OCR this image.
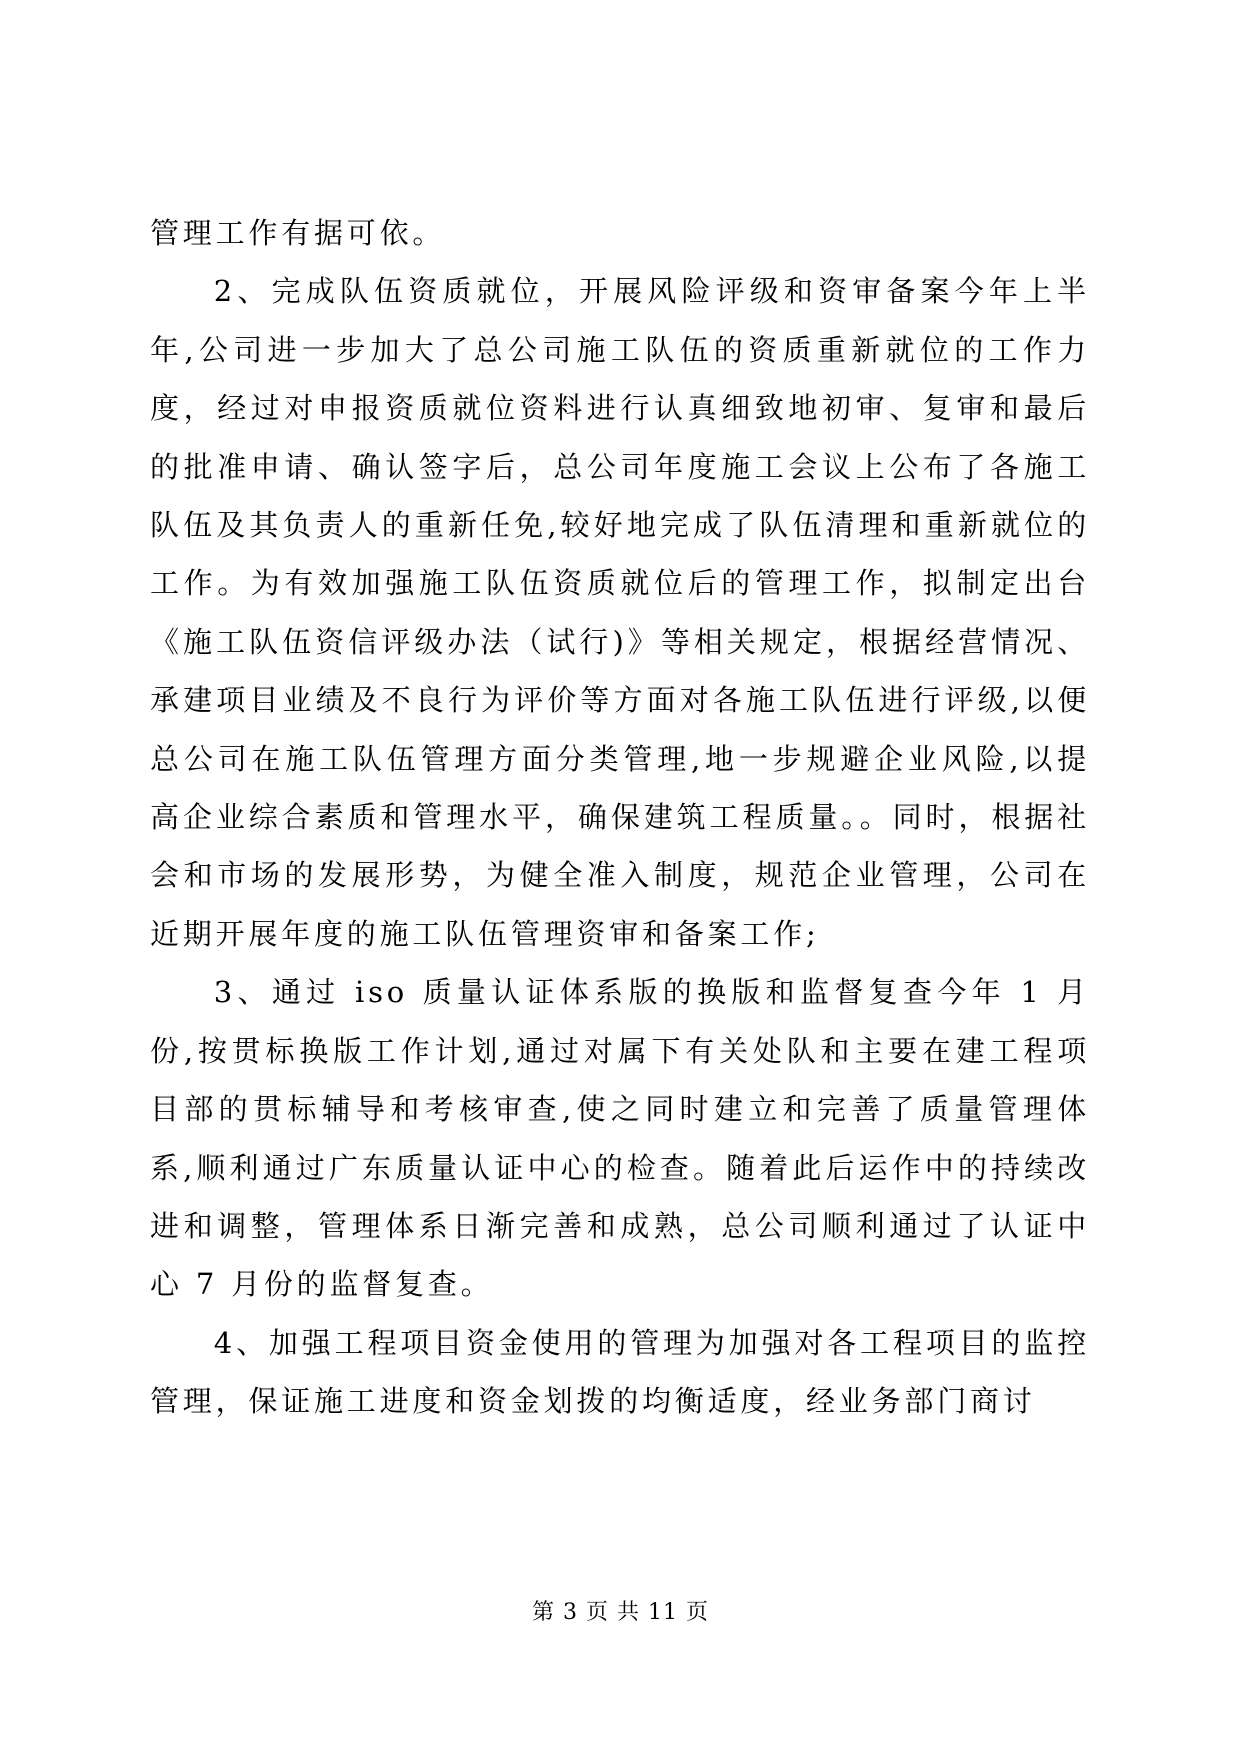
管理工作有据可依。

2、完成队伍资质就位，开展风险评级和资审备案今年上半年,公司进一步加大了总公司施工队伍的资质重新就位的工作力度，经过对申报资质就位资料进行认真细致地初审、复审和最后的批准申请、确认签字后，总公司年度施工会议上公布了各施工队伍及其负责人的重新任免,较好地完成了队伍清理和重新就位的工作。为有效加强施工队伍资质就位后的管理工作，拟制定出台《施工队伍资信评级办法（试行)》等相关规定，根据经营情况、承建项目业绩及不良行为评价等方面对各施工队伍进行评级,以便总公司在施工队伍管理方面分类管理,地一步规避企业风险,以提高企业综合素质和管理水平，确保建筑工程质量。。同时，根据社会和市场的发展形势，为健全准入制度，规范企业管理，公司在近期开展年度的施工队伍管理资审和备案工作;

3、通过 iso 质量认证体系版的换版和监督复查今年 1 月份,按贯标换版工作计划,通过对属下有关处队和主要在建工程项目部的贯标辅导和考核审查,使之同时建立和完善了质量管理体系,顺利通过广东质量认证中心的检查。随着此后运作中的持续改进和调整，管理体系日渐完善和成熟，总公司顺利通过了认证中心 7 月份的监督复查。

4、加强工程项目资金使用的管理为加强对各工程项目的监控管理，保证施工进度和资金划拨的均衡适度，经业务部门商讨

第 3 页 共 11 页
